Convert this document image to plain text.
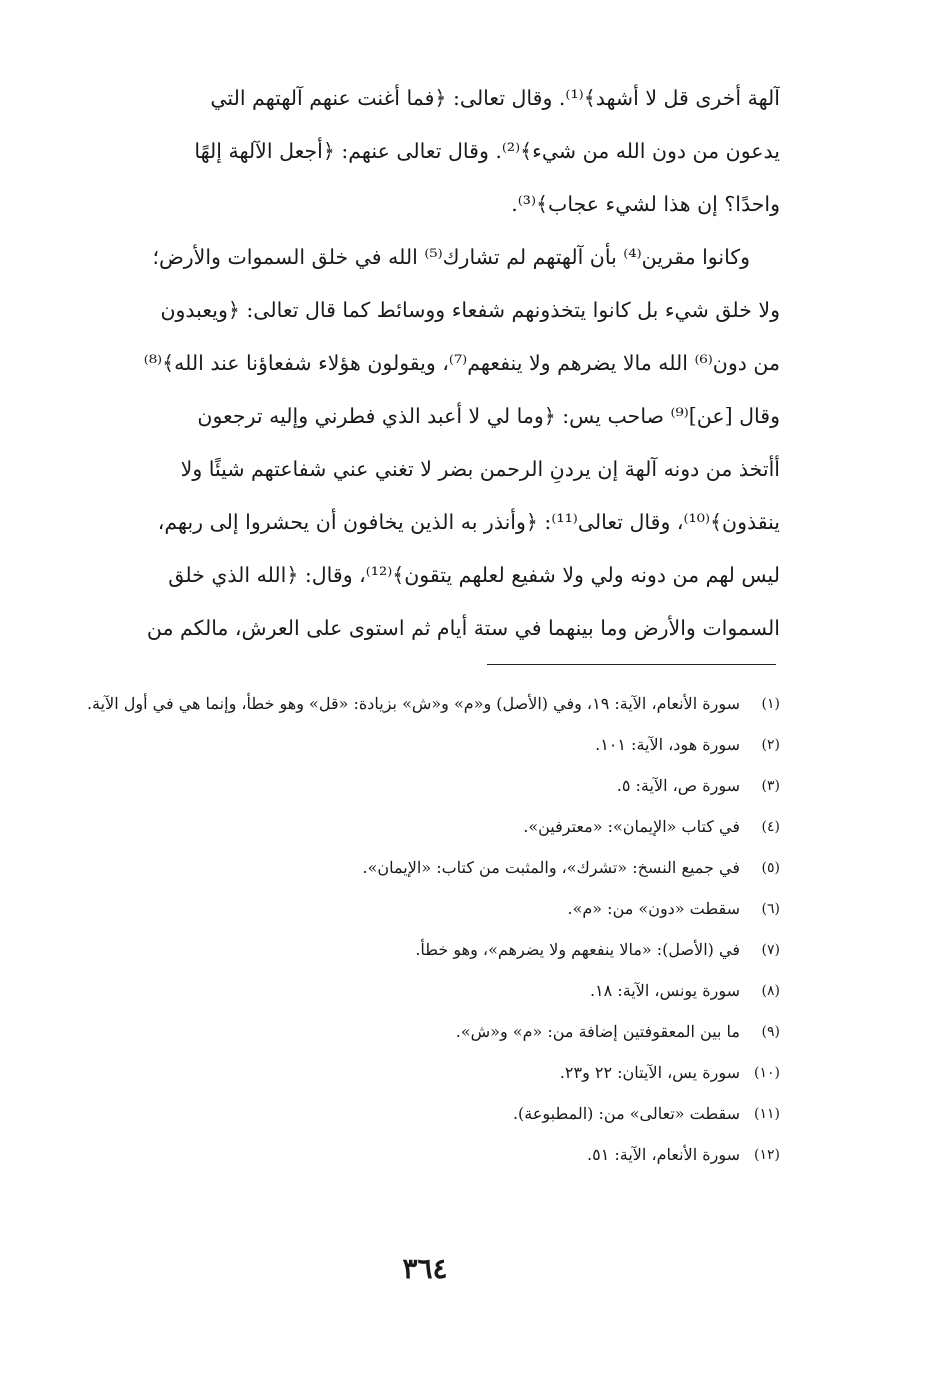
آلهة أخرى قل لا أشهد﴾⁽¹⁾. وقال تعالى: ﴿فما أغنت عنهم آلهتهم التي
يدعون من دون الله من شيء﴾⁽²⁾. وقال تعالى عنهم: ﴿أجعل الآلهة إلهًا
واحدًا؟ إن هذا لشيء عجاب﴾⁽³⁾.
وكانوا مقرين⁽⁴⁾ بأن آلهتهم لم تشارك⁽⁵⁾ الله في خلق السموات والأرض؛
ولا خلق شيء بل كانوا يتخذونهم شفعاء ووسائط كما قال تعالى: ﴿ويعبدون
من دون⁽⁶⁾ الله مالا يضرهم ولا ينفعهم⁽⁷⁾، ويقولون هؤلاء شفعاؤنا عند الله﴾⁽⁸⁾
وقال [عن]⁽⁹⁾ صاحب يس: ﴿وما لي لا أعبد الذي فطرني وإليه ترجعون
أأتخذ من دونه آلهة إن يردنِ الرحمن بضر لا تغني عني شفاعتهم شيئًا ولا
ينقذون﴾⁽¹⁰⁾، وقال تعالى⁽¹¹⁾: ﴿وأنذر به الذين يخافون أن يحشروا إلى ربهم،
ليس لهم من دونه ولي ولا شفيع لعلهم يتقون﴾⁽¹²⁾، وقال: ﴿الله الذي خلق
السموات والأرض وما بينهما في ستة أيام ثم استوى على العرش، مالكم من
(١)
سورة الأنعام، الآية: ١٩، وفي (الأصل) و«م» و«ش» بزيادة: «قل» وهو خطأ، وإنما هي في أول الآية.
(٢)
سورة هود، الآية: ١٠١.
(٣)
سورة ص، الآية: ٥.
(٤)
في كتاب «الإيمان»: «معترفين».
(٥)
في جميع النسخ: «تشرك»، والمثبت من كتاب: «الإيمان».
(٦)
سقطت «دون» من: «م».
(٧)
في (الأصل): «مالا ينفعهم ولا يضرهم»، وهو خطأ.
(٨)
سورة يونس، الآية: ١٨.
(٩)
ما بين المعقوفتين إضافة من: «م» و«ش».
(١٠)
سورة يس، الآيتان: ٢٢ و٢٣.
(١١)
سقطت «تعالى» من: (المطبوعة).
(١٢)
سورة الأنعام، الآية: ٥١.
٣٦٤
